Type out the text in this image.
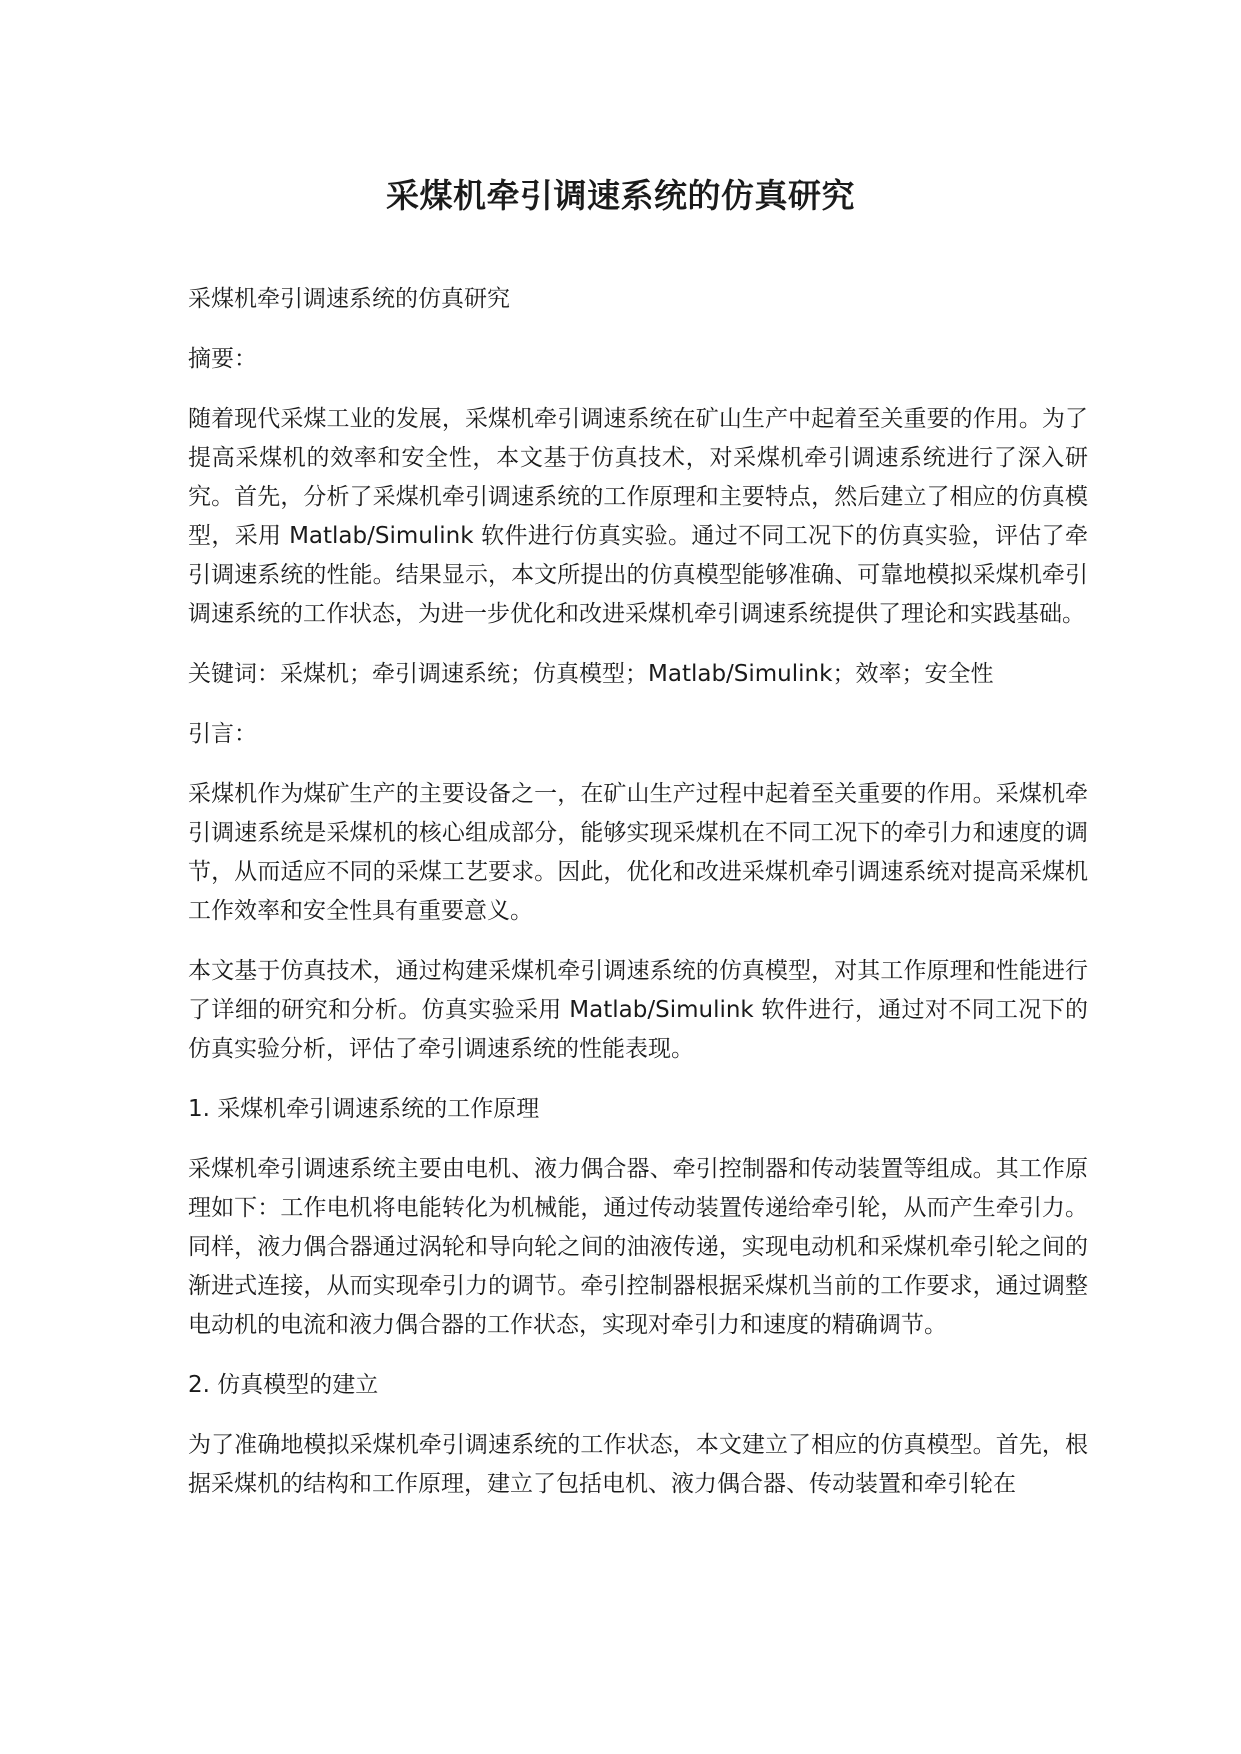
采煤机牵引调速系统的仿真研究

采煤机牵引调速系统的仿真研究

摘要：

随着现代采煤工业的发展，采煤机牵引调速系统在矿山生产中起着至关重要的作用。为了提高采煤机的效率和安全性，本文基于仿真技术，对采煤机牵引调速系统进行了深入研究。首先，分析了采煤机牵引调速系统的工作原理和主要特点，然后建立了相应的仿真模型，采用 Matlab/Simulink 软件进行仿真实验。通过不同工况下的仿真实验，评估了牵引调速系统的性能。结果显示，本文所提出的仿真模型能够准确、可靠地模拟采煤机牵引调速系统的工作状态，为进一步优化和改进采煤机牵引调速系统提供了理论和实践基础。

关键词：采煤机；牵引调速系统；仿真模型；Matlab/Simulink；效率；安全性

引言：

采煤机作为煤矿生产的主要设备之一，在矿山生产过程中起着至关重要的作用。采煤机牵引调速系统是采煤机的核心组成部分，能够实现采煤机在不同工况下的牵引力和速度的调节，从而适应不同的采煤工艺要求。因此，优化和改进采煤机牵引调速系统对提高采煤机工作效率和安全性具有重要意义。

本文基于仿真技术，通过构建采煤机牵引调速系统的仿真模型，对其工作原理和性能进行了详细的研究和分析。仿真实验采用 Matlab/Simulink 软件进行，通过对不同工况下的仿真实验分析，评估了牵引调速系统的性能表现。

1. 采煤机牵引调速系统的工作原理

采煤机牵引调速系统主要由电机、液力偶合器、牵引控制器和传动装置等组成。其工作原理如下：工作电机将电能转化为机械能，通过传动装置传递给牵引轮，从而产生牵引力。同样，液力偶合器通过涡轮和导向轮之间的油液传递，实现电动机和采煤机牵引轮之间的渐进式连接，从而实现牵引力的调节。牵引控制器根据采煤机当前的工作要求，通过调整电动机的电流和液力偶合器的工作状态，实现对牵引力和速度的精确调节。

2. 仿真模型的建立

为了准确地模拟采煤机牵引调速系统的工作状态，本文建立了相应的仿真模型。首先，根据采煤机的结构和工作原理，建立了包括电机、液力偶合器、传动装置和牵引轮在
